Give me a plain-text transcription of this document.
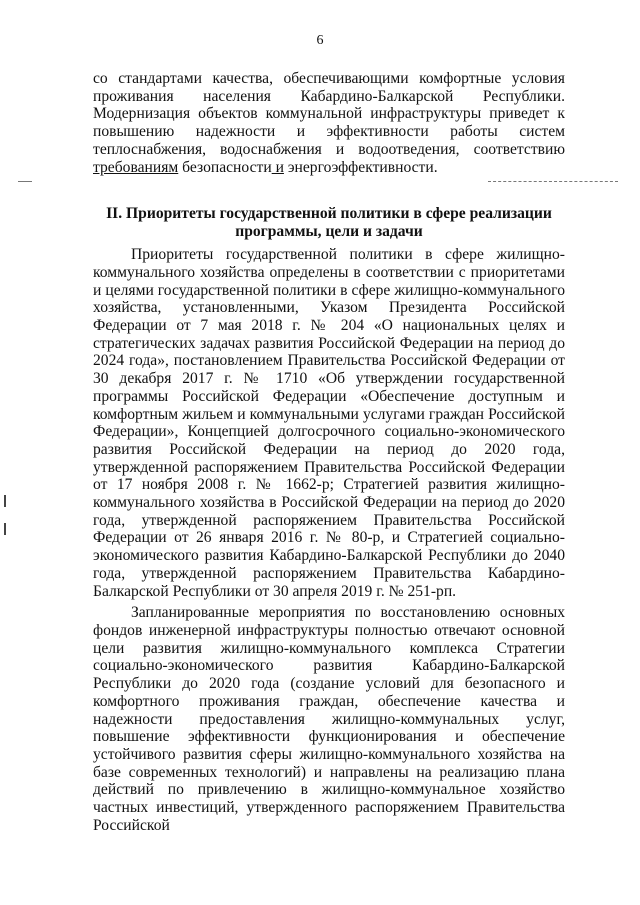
6

со стандартами качества, обеспечивающими комфортные условия проживания населения Кабардино-Балкарской Республики. Модернизация объектов коммунальной инфраструктуры приведет к повышению надежности и эффективности работы систем теплоснабжения, водоснабжения и водоотведения, соответствию требованиям безопасности и энергоэффективности.

II. Приоритеты государственной политики в сфере реализации программы, цели и задачи

Приоритеты государственной политики в сфере жилищно-коммунального хозяйства определены в соответствии с приоритетами и целями государственной политики в сфере жилищно-коммунального хозяйства, установленными, Указом Президента Российской Федерации от 7 мая 2018 г. № 204 «О национальных целях и стратегических задачах развития Российской Федерации на период до 2024 года», постановлением Правительства Российской Федерации от 30 декабря 2017 г. № 1710 «Об утверждении государственной программы Российской Федерации «Обеспечение доступным и комфортным жильем и коммунальными услугами граждан Российской Федерации», Концепцией долгосрочного социально-экономического развития Российской Федерации на период до 2020 года, утвержденной распоряжением Правительства Российской Федерации от 17 ноября 2008 г. № 1662-р; Стратегией развития жилищно-коммунального хозяйства в Российской Федерации на период до 2020 года, утвержденной распоряжением Правительства Российской Федерации от 26 января 2016 г. № 80-р, и Стратегией социально-экономического развития Кабардино-Балкарской Республики до 2040 года, утвержденной распоряжением Правительства Кабардино-Балкарской Республики от 30 апреля 2019 г. № 251-рп.

Запланированные мероприятия по восстановлению основных фондов инженерной инфраструктуры полностью отвечают основной цели развития жилищно-коммунального комплекса Стратегии социально-экономического развития Кабардино-Балкарской Республики до 2020 года (создание условий для безопасного и комфортного проживания граждан, обеспечение качества и надежности предоставления жилищно-коммунальных услуг, повышение эффективности функционирования и обеспечение устойчивого развития сферы жилищно-коммунального хозяйства на базе современных технологий) и направлены на реализацию плана действий по привлечению в жилищно-коммунальное хозяйство частных инвестиций, утвержденного распоряжением Правительства Российской
